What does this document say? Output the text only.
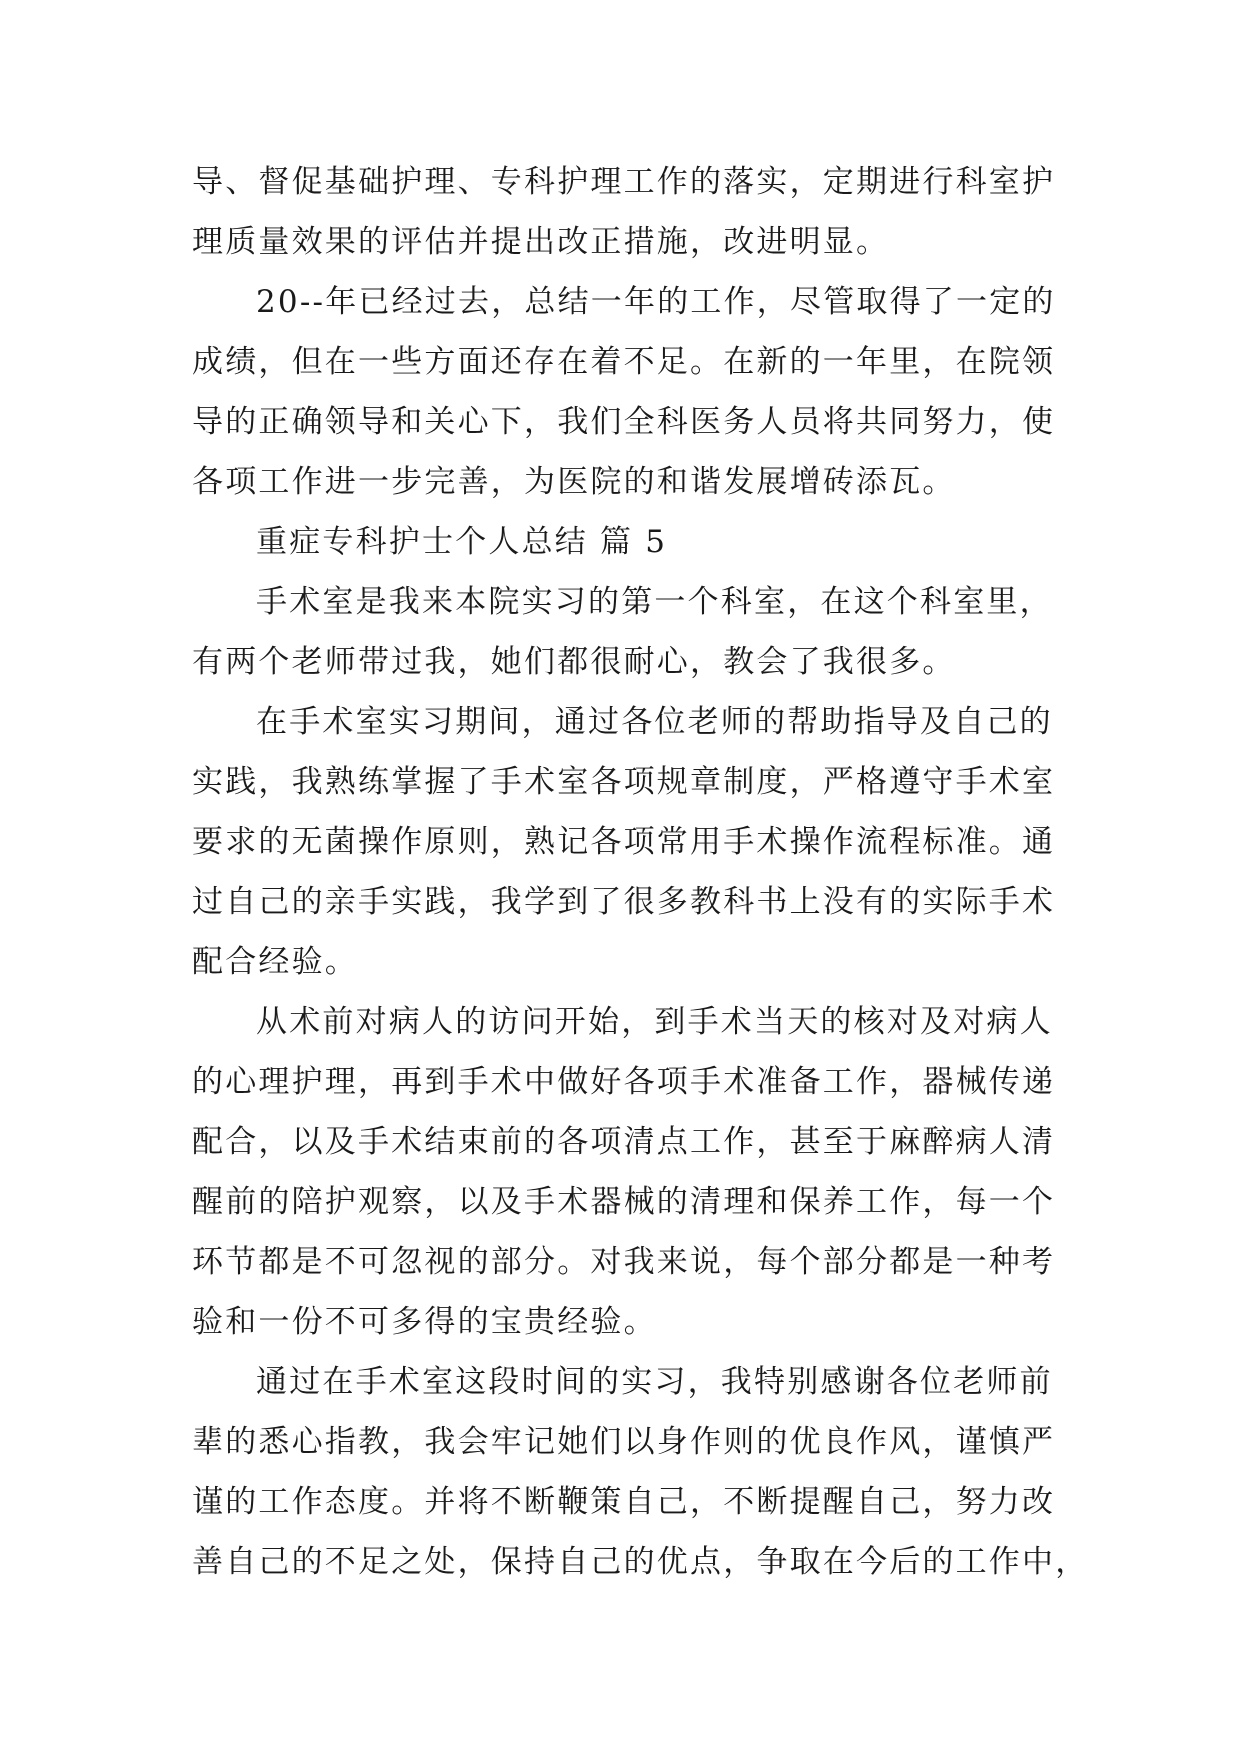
导、督促基础护理、专科护理工作的落实，定期进行科室护
理质量效果的评估并提出改正措施，改进明显。
20--年已经过去，总结一年的工作，尽管取得了一定的
成绩，但在一些方面还存在着不足。在新的一年里，在院领
导的正确领导和关心下，我们全科医务人员将共同努力，使
各项工作进一步完善，为医院的和谐发展增砖添瓦。
重症专科护士个人总结 篇 5
手术室是我来本院实习的第一个科室，在这个科室里，
有两个老师带过我，她们都很耐心，教会了我很多。
在手术室实习期间，通过各位老师的帮助指导及自己的
实践，我熟练掌握了手术室各项规章制度，严格遵守手术室
要求的无菌操作原则，熟记各项常用手术操作流程标准。通
过自己的亲手实践，我学到了很多教科书上没有的实际手术
配合经验。
从术前对病人的访问开始，到手术当天的核对及对病人
的心理护理，再到手术中做好各项手术准备工作，器械传递
配合，以及手术结束前的各项清点工作，甚至于麻醉病人清
醒前的陪护观察，以及手术器械的清理和保养工作，每一个
环节都是不可忽视的部分。对我来说，每个部分都是一种考
验和一份不可多得的宝贵经验。
通过在手术室这段时间的实习，我特别感谢各位老师前
辈的悉心指教，我会牢记她们以身作则的优良作风，谨慎严
谨的工作态度。并将不断鞭策自己，不断提醒自己，努力改
善自己的不足之处，保持自己的优点，争取在今后的工作中，
